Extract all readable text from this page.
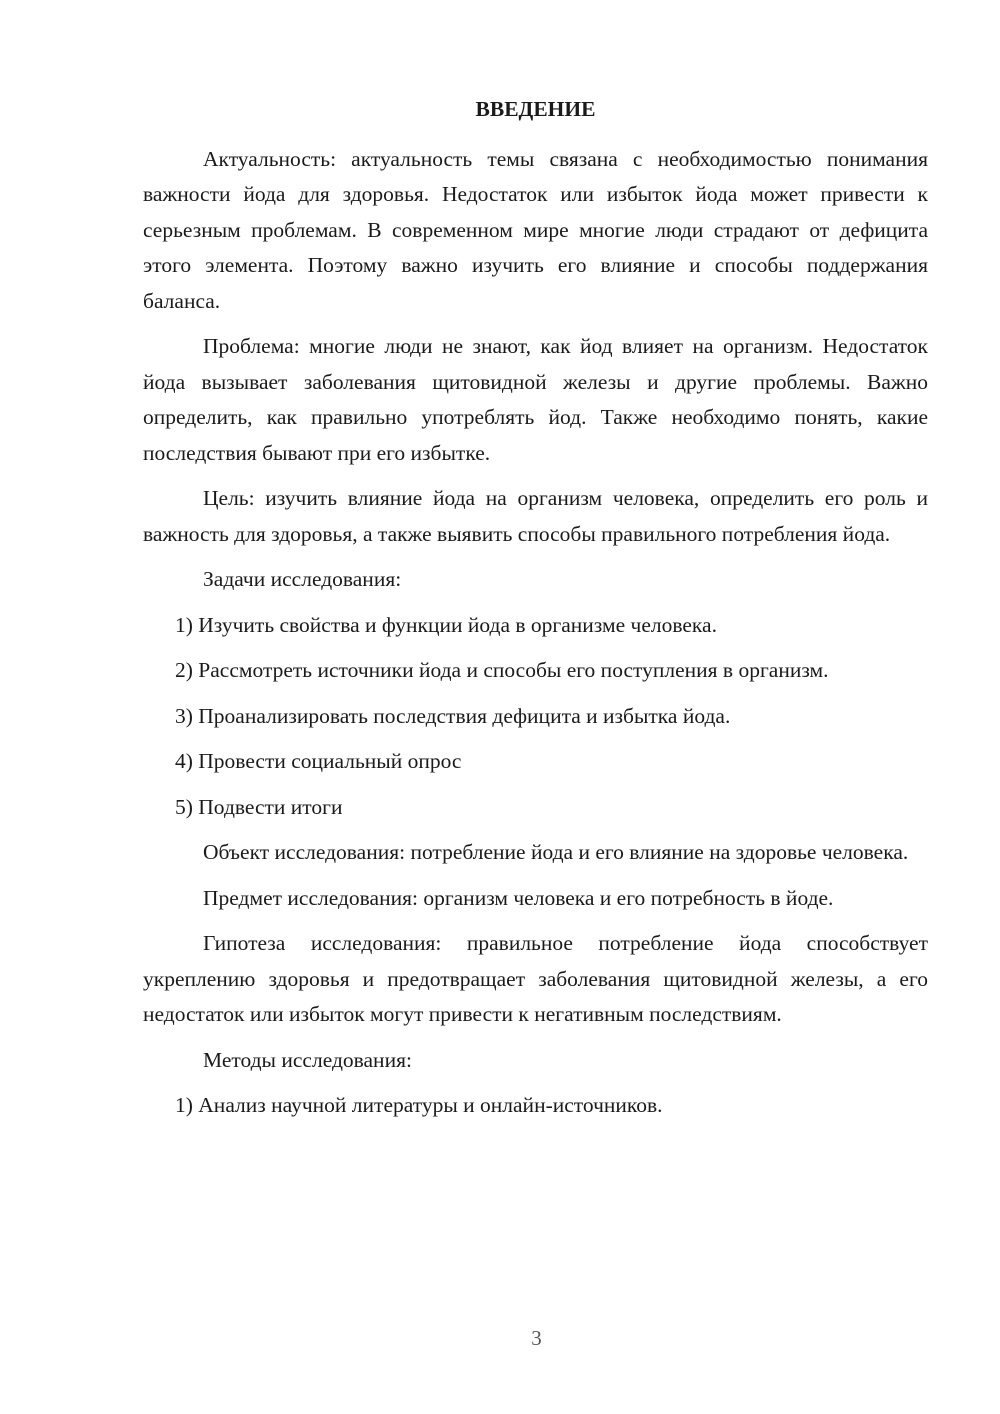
ВВЕДЕНИЕ

Актуальность: актуальность темы связана с необходимостью понимания важности йода для здоровья. Недостаток или избыток йода может привести к серьезным проблемам. В современном мире многие люди страдают от дефицита этого элемента. Поэтому важно изучить его влияние и способы поддержания баланса.

Проблема: многие люди не знают, как йод влияет на организм. Недостаток йода вызывает заболевания щитовидной железы и другие проблемы. Важно определить, как правильно употреблять йод. Также необходимо понять, какие последствия бывают при его избытке.

Цель: изучить влияние йода на организм человека, определить его роль и важность для здоровья, а также выявить способы правильного потребления йода.

Задачи исследования:

1) Изучить свойства и функции йода в организме человека.

2) Рассмотреть источники йода и способы его поступления в организм.

3) Проанализировать последствия дефицита и избытка йода.

4) Провести социальный опрос

5) Подвести итоги

Объект исследования: потребление йода и его влияние на здоровье человека.

Предмет исследования: организм человека и его потребность в йоде.

Гипотеза исследования: правильное потребление йода способствует укреплению здоровья и предотвращает заболевания щитовидной железы, а его недостаток или избыток могут привести к негативным последствиям.

Методы исследования:

1) Анализ научной литературы и онлайн-источников.

3
